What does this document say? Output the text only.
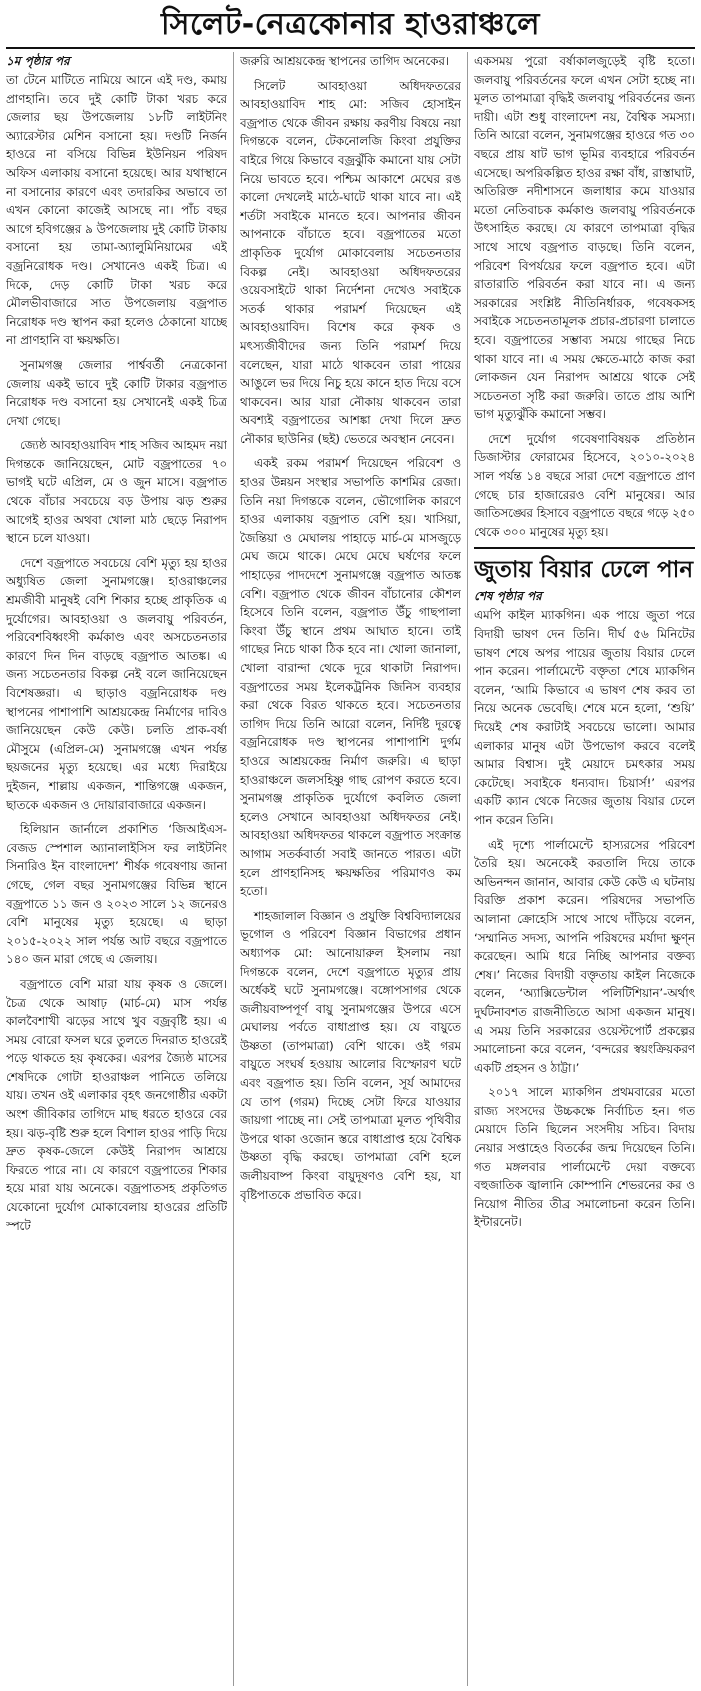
সিলেট-নেত্রকোনার হাওরাঞ্চলে
১ম পৃষ্ঠার পর

তা টেনে মাটিতে নামিয়ে আনে এই দণ্ড, কমায় প্রাণহানি। তবে দুই কোটি টাকা খরচ করে জেলার ছয় উপজেলায় ১৮টি লাইটনিং অ্যারেস্টার মেশিন বসানো হয়। দণ্ডটি নির্জন হাওরে না বসিয়ে বিভিন্ন ইউনিয়ন পরিষদ অফিস এলাকায় বসানো হয়েছে। আর যথাস্থানে না বসানোর কারণে এবং তদারকির অভাবে তা এখন কোনো কাজেই আসছে না। পাঁচ বছর আগে হবিগঞ্জের ৯ উপজেলায় দুই কোটি টাকায় বসানো হয় তামা-অ্যালুমিনিয়ামের এই বজ্রনিরোধক দণ্ড। সেখানেও একই চিত্র। এ দিকে, দেড় কোটি টাকা খরচ করে মৌলভীবাজারে সাত উপজেলায় বজ্রপাত নিরোধক দণ্ড স্থাপন করা হলেও ঠেকানো যাচ্ছে না প্রাণহানি বা ক্ষয়ক্ষতি।

সুনামগঞ্জ জেলার পার্শ্ববর্তী নেত্রকোনা জেলায় একই ভাবে দুই কোটি টাকার বজ্রপাত নিরোধক দণ্ড বসানো হয় সেখানেই একই চিত্র দেখা গেছে।

জ্যেষ্ঠ আবহাওয়াবিদ শাহ সজিব আহমদ নয়া দিগন্তকে জানিয়েছেন, মোট বজ্রপাতের ৭০ ভাগই ঘটে এপ্রিল, মে ও জুন মাসে। বজ্রপাত থেকে বাঁচার সবচেয়ে বড় উপায় ঝড় শুরুর আগেই হাওর অথবা খোলা মাঠ ছেড়ে নিরাপদ স্থানে চলে যাওয়া।

দেশে বজ্রপাতে সবচেয়ে বেশি মৃত্যু হয় হাওর অধ্যুষিত জেলা সুনামগঞ্জে। হাওরাঞ্চলের শ্রমজীবী মানুষই বেশি শিকার হচ্ছে প্রাকৃতিক এ দুর্যোগের। আবহাওয়া ও জলবায়ু পরিবর্তন, পরিবেশবিধ্বংসী কর্মকাণ্ড এবং অসচেতনতার কারণে দিন দিন বাড়ছে বজ্রপাত আতঙ্ক। এ জন্য সচেতনতার বিকল্প নেই বলে জানিয়েছেন বিশেষজ্ঞরা। এ ছাড়াও বজ্রনিরোধক দণ্ড স্থাপনের পাশাপাশি আশ্রয়কেন্দ্র নির্মাণের দাবিও জানিয়েছেন কেউ কেউ। চলতি প্রাক-বর্ষা মৌসুমে (এপ্রিল-মে) সুনামগঞ্জে এখন পর্যন্ত ছয়জনের মৃত্যু হয়েছে। এর মধ্যে দিরাইয়ে দুইজন, শাল্লায় একজন, শান্তিগঞ্জে একজন, ছাতকে একজন ও দোয়ারাবাজারে একজন।

হিলিয়ান জার্নালে প্রকাশিত ‘জিআইএস-বেজড স্পেশাল অ্যানালাইসিস ফর লাইটনিং সিনারিও ইন বাংলাদেশ’ শীর্ষক গবেষণায় জানা গেছে, গেল বছর সুনামগঞ্জের বিভিন্ন স্থানে বজ্রপাতে ১১ জন ও ২০২৩ সালে ১২ জনেরও বেশি মানুষের মৃত্যু হয়েছে। এ ছাড়া ২০১৫-২০২২ সাল পর্যন্ত আট বছরে বজ্রপাতে ১৪০ জন মারা গেছে এ জেলায়।

বজ্রপাতে বেশি মারা যায় কৃষক ও জেলে। চৈত্র থেকে আষাঢ় (মার্চ-মে) মাস পর্যন্ত কালবৈশাখী ঝড়ের সাথে খুব বজ্রবৃষ্টি হয়। এ সময় বোরো ফসল ঘরে তুলতে দিনরাত হাওরেই পড়ে থাকতে হয় কৃষকের। এরপর জ্যৈষ্ঠ মাসের শেষদিকে গোটা হাওরাঞ্চল পানিতে তলিয়ে যায়। তখন ওই এলাকার বৃহৎ জনগোষ্ঠীর একটা অংশ জীবিকার তাগিদে মাছ ধরতে হাওরে বের হয়। ঝড়-বৃষ্টি শুরু হলে বিশাল হাওর পাড়ি দিয়ে দ্রুত কৃষক-জেলে কেউই নিরাপদ আশ্রয়ে ফিরতে পারে না। যে কারণে বজ্রপাতের শিকার হয়ে মারা যায় অনেকে। বজ্রপাতসহ প্রকৃতিগত যেকোনো দুর্যোগ মোকাবেলায় হাওরের প্রতিটি স্পটে

জরুরি আশ্রয়কেন্দ্র স্থাপনের তাগিদ অনেকের।

সিলেট আবহাওয়া অধিদফতরের আবহাওয়াবিদ শাহ মো: সজিব হোসাইন বজ্রপাত থেকে জীবন রক্ষায় করণীয় বিষয়ে নয়া দিগন্তকে বলেন, টেকনোলজি কিংবা প্রযুক্তির বাইরে গিয়ে কিভাবে বজ্রঝুঁকি কমানো যায় সেটা নিয়ে ভাবতে হবে। পশ্চিম আকাশে মেঘের রঙ কালো দেখলেই মাঠে-ঘাটে থাকা যাবে না। এই শর্তটা সবাইকে মানতে হবে। আপনার জীবন আপনাকে বাঁচাতে হবে। বজ্রপাতের মতো প্রাকৃতিক দুর্যোগ মোকাবেলায় সচেতনতার বিকল্প নেই। আবহাওয়া অধিদফতরের ওয়েবসাইটে থাকা নির্দেশনা দেখেও সবাইকে সতর্ক থাকার পরামর্শ দিয়েছেন এই আবহাওয়াবিদ। বিশেষ করে কৃষক ও মৎস্যজীবীদের জন্য তিনি পরামর্শ দিয়ে বলেছেন, যারা মাঠে থাকবেন তারা পায়ের আঙুলে ভর দিয়ে নিচু হয়ে কানে হাত দিয়ে বসে থাকবেন। আর যারা নৌকায় থাকবেন তারা অবশ্যই বজ্রপাতের আশঙ্কা দেখা দিলে দ্রুত নৌকার ছাউনির (ছই) ভেতরে অবস্থান নেবেন।

একই রকম পরামর্শ দিয়েছেন পরিবেশ ও হাওর উন্নয়ন সংস্থার সভাপতি কাশমির রেজা। তিনি নয়া দিগন্তকে বলেন, ভৌগোলিক কারণে হাওর এলাকায় বজ্রপাত বেশি হয়। খাসিয়া, জৈন্তিয়া ও মেঘালয় পাহাড়ে মার্চ-মে মাসজুড়ে মেঘ জমে থাকে। মেঘে মেঘে ঘর্ষণের ফলে পাহাড়ের পাদদেশে সুনামগঞ্জে বজ্রপাত আতঙ্ক বেশি। বজ্রপাত থেকে জীবন বাঁচানোর কৌশল হিসেবে তিনি বলেন, বজ্রপাত উঁচু গাছপালা কিংবা উঁচু স্থানে প্রথম আঘাত হানে। তাই গাছের নিচে থাকা ঠিক হবে না। খোলা জানালা, খোলা বারান্দা থেকে দূরে থাকাটা নিরাপদ। বজ্রপাতের সময় ইলেকট্রনিক জিনিস ব্যবহার করা থেকে বিরত থাকতে হবে। সচেতনতার তাগিদ দিয়ে তিনি আরো বলেন, নির্দিষ্ট দূরত্বে বজ্রনিরোধক দণ্ড স্থাপনের পাশাপাশি দুর্গম হাওরে আশ্রয়কেন্দ্র নির্মাণ জরুরি। এ ছাড়া হাওরাঞ্চলে জলসহিষ্ণু গাছ রোপণ করতে হবে। সুনামগঞ্জ প্রাকৃতিক দুর্যোগে কবলিত জেলা হলেও সেখানে আবহাওয়া অধিদফতর নেই। আবহাওয়া অধিদফতর থাকলে বজ্রপাত সংক্রান্ত আগাম সতর্কবার্তা সবাই জানতে পারত। এটা হলে প্রাণহানিসহ ক্ষয়ক্ষতির পরিমাণও কম হতো।

শাহজালাল বিজ্ঞান ও প্রযুক্তি বিশ্ববিদ্যালয়ের ভূগোল ও পরিবেশ বিজ্ঞান বিভাগের প্রধান অধ্যাপক মো: আনোয়ারুল ইসলাম নয়া দিগন্তকে বলেন, দেশে বজ্রপাতে মৃত্যুর প্রায় অর্ধেকই ঘটে সুনামগঞ্জে। বঙ্গোপসাগর থেকে জলীয়বাষ্পপূর্ণ বায়ু সুনামগঞ্জের উপরে এসে মেঘালয় পর্বতে বাধাপ্রাপ্ত হয়। যে বায়ুতে উষ্ণতা (তাপমাত্রা) বেশি থাকে। ওই গরম বায়ুতে সংঘর্ষ হওয়ায় আলোর বিস্ফোরণ ঘটে এবং বজ্রপাত হয়। তিনি বলেন, সূর্য আমাদের যে তাপ (গরম) দিচ্ছে সেটা ফিরে যাওয়ার জায়গা পাচ্ছে না। সেই তাপমাত্রা মূলত পৃথিবীর উপরে থাকা ওজোন স্তরে বাধাপ্রাপ্ত হয়ে বৈশ্বিক উষ্ণতা বৃদ্ধি করছে। তাপমাত্রা বেশি হলে জলীয়বাষ্প কিংবা বায়ুদূষণও বেশি হয়, যা বৃষ্টিপাতকে প্রভাবিত করে।

একসময় পুরো বর্ষাকালজুড়েই বৃষ্টি হতো। জলবায়ু পরিবর্তনের ফলে এখন সেটা হচ্ছে না। মূলত তাপমাত্রা বৃদ্ধিই জলবায়ু পরিবর্তনের জন্য দায়ী। এটা শুধু বাংলাদেশ নয়, বৈশ্বিক সমস্যা। তিনি আরো বলেন, সুনামগঞ্জের হাওরে গত ৩০ বছরে প্রায় ষাট ভাগ ভূমির ব্যবহারে পরিবর্তন এসেছে। অপরিকল্পিত হাওর রক্ষা বাঁধ, রাস্তাঘাট, অতিরিক্ত নদীশাসনে জলাধার কমে যাওয়ার মতো নেতিবাচক কর্মকাণ্ড জলবায়ু পরিবর্তনকে উৎসাহিত করছে। যে কারণে তাপমাত্রা বৃদ্ধির সাথে সাথে বজ্রপাত বাড়ছে। তিনি বলেন, পরিবেশ বিপর্যয়ের ফলে বজ্রপাত হবে। এটা রাতারাতি পরিবর্তন করা যাবে না। এ জন্য সরকারের সংশ্লিষ্ট নীতিনির্ধারক, গবেষকসহ সবাইকে সচেতনতামূলক প্রচার-প্রচারণা চালাতে হবে। বজ্রপাতের সম্ভাব্য সময়ে গাছের নিচে থাকা যাবে না। এ সময় ক্ষেতে-মাঠে কাজ করা লোকজন যেন নিরাপদ আশ্রয়ে থাকে সেই সচেতনতা সৃষ্টি করা জরুরি। তাতে প্রায় আশি ভাগ মৃত্যুঝুঁকি কমানো সম্ভব।

দেশে দুর্যোগ গবেষণাবিষয়ক প্রতিষ্ঠান ডিজাস্টার ফোরামের হিসেবে, ২০১০-২০২৪ সাল পর্যন্ত ১৪ বছরে সারা দেশে বজ্রপাতে প্রাণ গেছে চার হাজারেরও বেশি মানুষের। আর জাতিসঙ্ঘের হিসাবে বজ্রপাতে বছরে গড়ে ২৫০ থেকে ৩০০ মানুষের মৃত্যু হয়।

জুতায় বিয়ার ঢেলে পান
শেষ পৃষ্ঠার পর

এমপি কাইল ম্যাকগিন। এক পায়ে জুতা পরে বিদায়ী ভাষণ দেন তিনি। দীর্ঘ ৫৬ মিনিটের ভাষণ শেষে অপর পায়ের জুতায় বিয়ার ঢেলে পান করেন। পার্লামেন্টে বক্তৃতা শেষে ম্যাকগিন বলেন, ‘আমি কিভাবে এ ভাষণ শেষ করব তা নিয়ে অনেক ভেবেছি। শেষে মনে হলো, ‘শুয়ি’ দিয়েই শেষ করাটাই সবচেয়ে ভালো। আমার এলাকার মানুষ এটা উপভোগ করবে বলেই আমার বিশ্বাস। দুই মেয়াদে চমৎকার সময় কেটেছে। সবাইকে ধন্যবাদ। চিয়ার্স!’ এরপর একটি ক্যান থেকে নিজের জুতায় বিয়ার ঢেলে পান করেন তিনি।

এই দৃশ্যে পার্লামেন্টে হাস্যরসের পরিবেশ তৈরি হয়। অনেকেই করতালি দিয়ে তাকে অভিনন্দন জানান, আবার কেউ কেউ এ ঘটনায় বিরক্তি প্রকাশ করেন। পরিষদের সভাপতি আলানা ক্রোহেসি সাথে সাথে দাঁড়িয়ে বলেন, ‘সম্মানিত সদস্য, আপনি পরিষদের মর্যাদা ক্ষুণ্ন করেছেন। আমি ধরে নিচ্ছি আপনার বক্তব্য শেষ।’ নিজের বিদায়ী বক্তৃতায় কাইল নিজেকে বলেন, ‘অ্যাক্সিডেন্টাল পলিটিশিয়ান’-অর্থাৎ দুর্ঘটনাবশত রাজনীতিতে আসা একজন মানুষ। এ সময় তিনি সরকারের ওয়েস্টপোর্ট প্রকল্পের সমালোচনা করে বলেন, ‘বন্দরের স্বয়ংক্রিয়করণ একটি প্রহসন ও ঠাট্টা।’

২০১৭ সালে ম্যাকগিন প্রথমবারের মতো রাজ্য সংসদের উচ্চকক্ষে নির্বাচিত হন। গত মেয়াদে তিনি ছিলেন সংসদীয় সচিব। বিদায় নেয়ার সপ্তাহেও বিতর্কের জন্ম দিয়েছেন তিনি। গত মঙ্গলবার পার্লামেন্টে দেয়া বক্তব্যে বহুজাতিক জ্বালানি কোম্পানি শেভরনের কর ও নিয়োগ নীতির তীব্র সমালোচনা করেন তিনি। ইন্টারনেট।
